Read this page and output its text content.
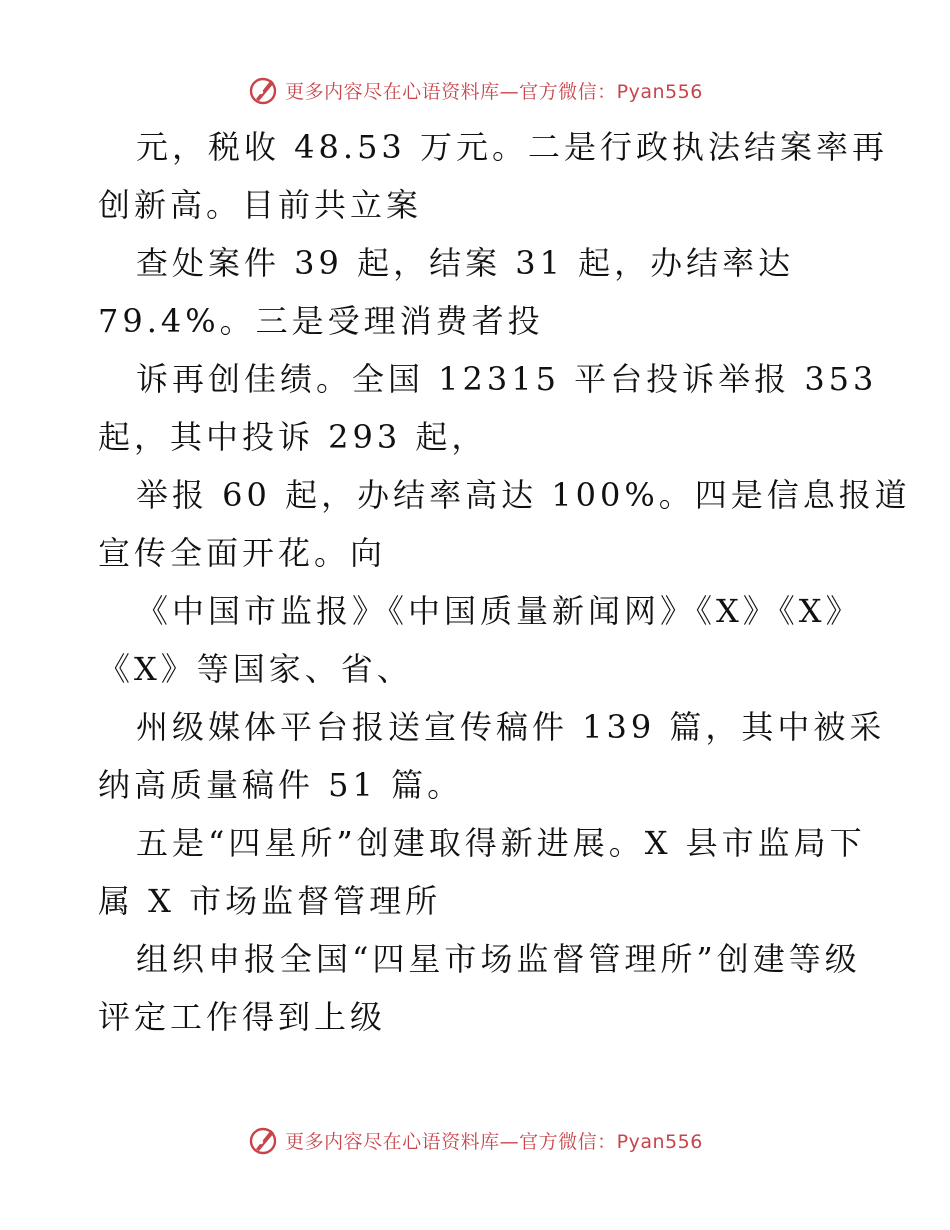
更多内容尽在心语资料库—官方微信：Pyan556
元，税收 48.53 万元。二是行政执法结案率再
创新高。目前共立案
查处案件 39 起，结案 31 起，办结率达
79.4%。三是受理消费者投
诉再创佳绩。全国 12315 平台投诉举报 353
起，其中投诉 293 起，
举报 60 起，办结率高达 100%。四是信息报道
宣传全面开花。向
《中国市监报》《中国质量新闻网》《X》《X》
《X》等国家、省、
州级媒体平台报送宣传稿件 139 篇，其中被采
纳高质量稿件 51 篇。
五是“四星所”创建取得新进展。X 县市监局下
属 X 市场监督管理所
组织申报全国“四星市场监督管理所”创建等级
评定工作得到上级
更多内容尽在心语资料库—官方微信：Pyan556
